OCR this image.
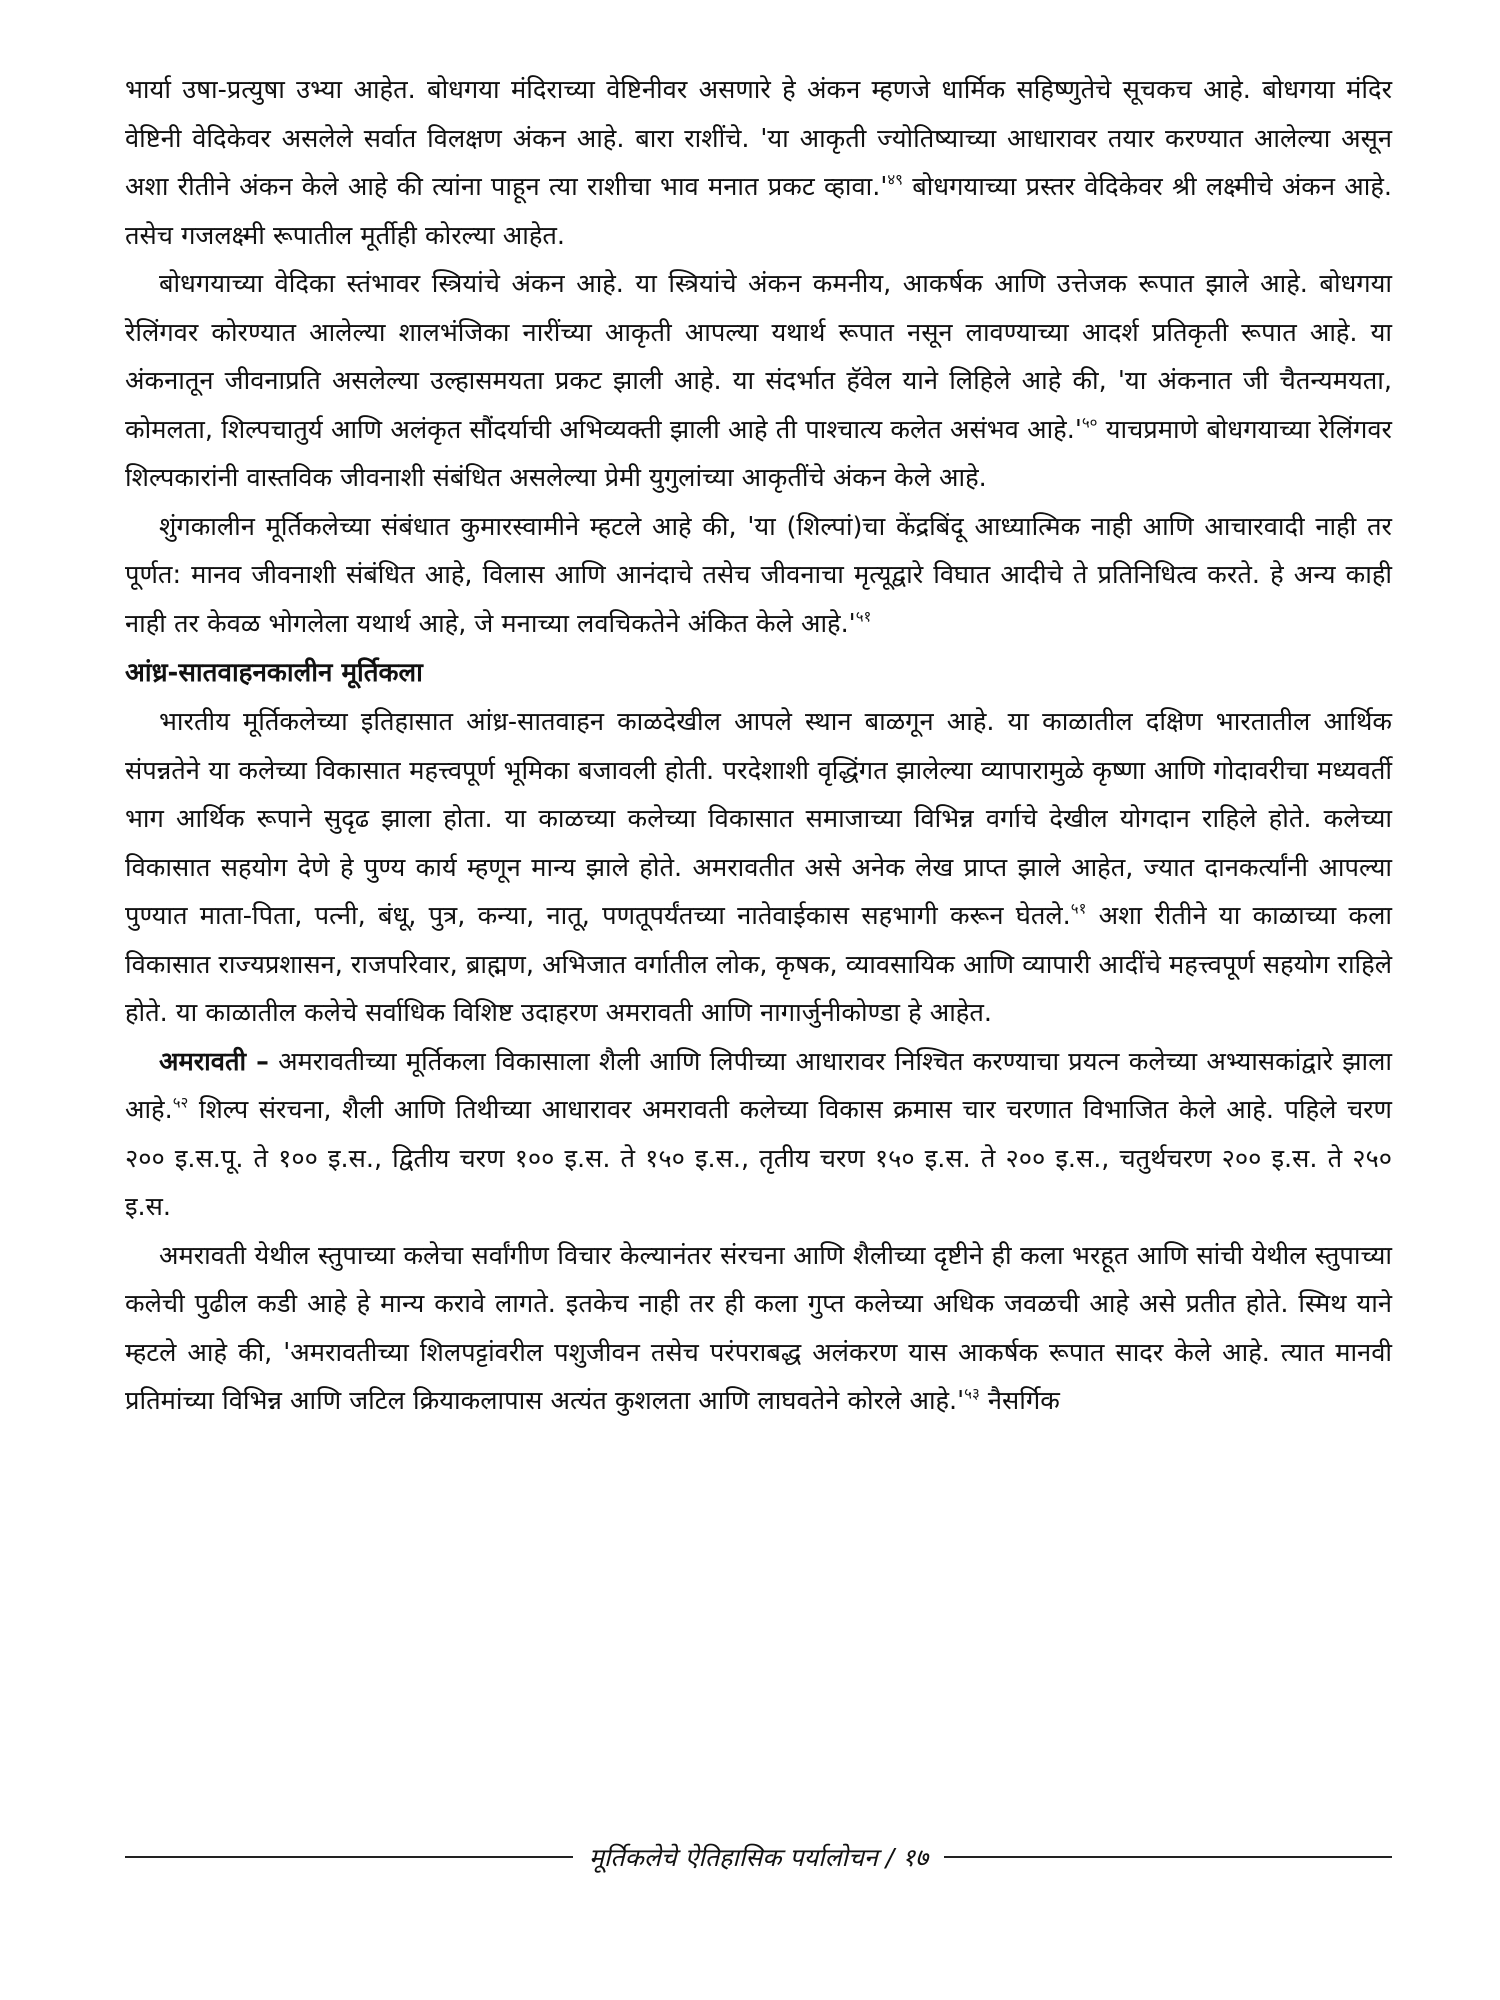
भार्या उषा-प्रत्युषा उभ्या आहेत. बोधगया मंदिराच्या वेष्टिनीवर असणारे हे अंकन म्हणजे धार्मिक सहिष्णुतेचे सूचकच आहे. बोधगया मंदिर वेष्टिनी वेदिकेवर असलेले सर्वात विलक्षण अंकन आहे. बारा राशींचे. 'या आकृती ज्योतिष्याच्या आधारावर तयार करण्यात आलेल्या असून अशा रीतीने अंकन केले आहे की त्यांना पाहून त्या राशीचा भाव मनात प्रकट व्हावा.'$^{४९}$ बोधगयाच्या प्रस्तर वेदिकेवर श्री लक्ष्मीचे अंकन आहे. तसेच गजलक्ष्मी रूपातील मूर्तीही कोरल्या आहेत.

बोधगयाच्या वेदिका स्तंभावर स्त्रियांचे अंकन आहे. या स्त्रियांचे अंकन कमनीय, आकर्षक आणि उत्तेजक रूपात झाले आहे. बोधगया रेलिंगवर कोरण्यात आलेल्या शालभंजिका नारींच्या आकृती आपल्या यथार्थ रूपात नसून लावण्याच्या आदर्श प्रतिकृती रूपात आहे. या अंकनातून जीवनाप्रति असलेल्या उल्हासमयता प्रकट झाली आहे. या संदर्भात हॅवेल याने लिहिले आहे की, 'या अंकनात जी चैतन्यमयता, कोमलता, शिल्पचातुर्य आणि अलंकृत सौंदर्याची अभिव्यक्ती झाली आहे ती पाश्चात्य कलेत असंभव आहे.'$^{५०}$ याचप्रमाणे बोधगयाच्या रेलिंगवर शिल्पकारांनी वास्तविक जीवनाशी संबंधित असलेल्या प्रेमी युगुलांच्या आकृतींचे अंकन केले आहे.

शुंगकालीन मूर्तिकलेच्या संबंधात कुमारस्वामीने म्हटले आहे की, 'या (शिल्पां)चा केंद्रबिंदू आध्यात्मिक नाही आणि आचारवादी नाही तर पूर्णत: मानव जीवनाशी संबंधित आहे, विलास आणि आनंदाचे तसेच जीवनाचा मृत्यूद्वारे विघात आदीचे ते प्रतिनिधित्व करते. हे अन्य काही नाही तर केवळ भोगलेला यथार्थ आहे, जे मनाच्या लवचिकतेने अंकित केले आहे.'$^{५१}$

आंध्र-सातवाहनकालीन मूर्तिकला

भारतीय मूर्तिकलेच्या इतिहासात आंध्र-सातवाहन काळदेखील आपले स्थान बाळगून आहे. या काळातील दक्षिण भारतातील आर्थिक संपन्नतेने या कलेच्या विकासात महत्त्वपूर्ण भूमिका बजावली होती. परदेशाशी वृद्धिंगत झालेल्या व्यापारामुळे कृष्णा आणि गोदावरीचा मध्यवर्ती भाग आर्थिक रूपाने सुदृढ झाला होता. या काळच्या कलेच्या विकासात समाजाच्या विभिन्न वर्गाचे देखील योगदान राहिले होते. कलेच्या विकासात सहयोग देणे हे पुण्य कार्य म्हणून मान्य झाले होते. अमरावतीत असे अनेक लेख प्राप्त झाले आहेत, ज्यात दानकर्त्यांनी आपल्या पुण्यात माता-पिता, पत्नी, बंधू, पुत्र, कन्या, नातू, पणतूपर्यंतच्या नातेवाईकास सहभागी करून घेतले.$^{५१}$ अशा रीतीने या काळाच्या कला विकासात राज्यप्रशासन, राजपरिवार, ब्राह्मण, अभिजात वर्गातील लोक, कृषक, व्यावसायिक आणि व्यापारी आदींचे महत्त्वपूर्ण सहयोग राहिले होते. या काळातील कलेचे सर्वाधिक विशिष्ट उदाहरण अमरावती आणि नागार्जुनीकोण्डा हे आहेत.

अमरावती – अमरावतीच्या मूर्तिकला विकासाला शैली आणि लिपीच्या आधारावर निश्चित करण्याचा प्रयत्न कलेच्या अभ्यासकांद्वारे झाला आहे.$^{५२}$ शिल्प संरचना, शैली आणि तिथीच्या आधारावर अमरावती कलेच्या विकास क्रमास चार चरणात विभाजित केले आहे. पहिले चरण २०० इ.स.पू. ते १०० इ.स., द्वितीय चरण १०० इ.स. ते १५० इ.स., तृतीय चरण १५० इ.स. ते २०० इ.स., चतुर्थचरण २०० इ.स. ते २५० इ.स.

अमरावती येथील स्तुपाच्या कलेचा सर्वांगीण विचार केल्यानंतर संरचना आणि शैलीच्या दृष्टीने ही कला भरहूत आणि सांची येथील स्तुपाच्या कलेची पुढील कडी आहे हे मान्य करावे लागते. इतकेच नाही तर ही कला गुप्त कलेच्या अधिक जवळची आहे असे प्रतीत होते. स्मिथ याने म्हटले आहे की, 'अमरावतीच्या शिलपट्टांवरील पशुजीवन तसेच परंपराबद्ध अलंकरण यास आकर्षक रूपात सादर केले आहे. त्यात मानवी प्रतिमांच्या विभिन्न आणि जटिल क्रियाकलापास अत्यंत कुशलता आणि लाघवतेने कोरले आहे.'$^{५३}$ नैसर्गिक

मूर्तिकलेचे ऐतिहासिक पर्यालोचन / १७
